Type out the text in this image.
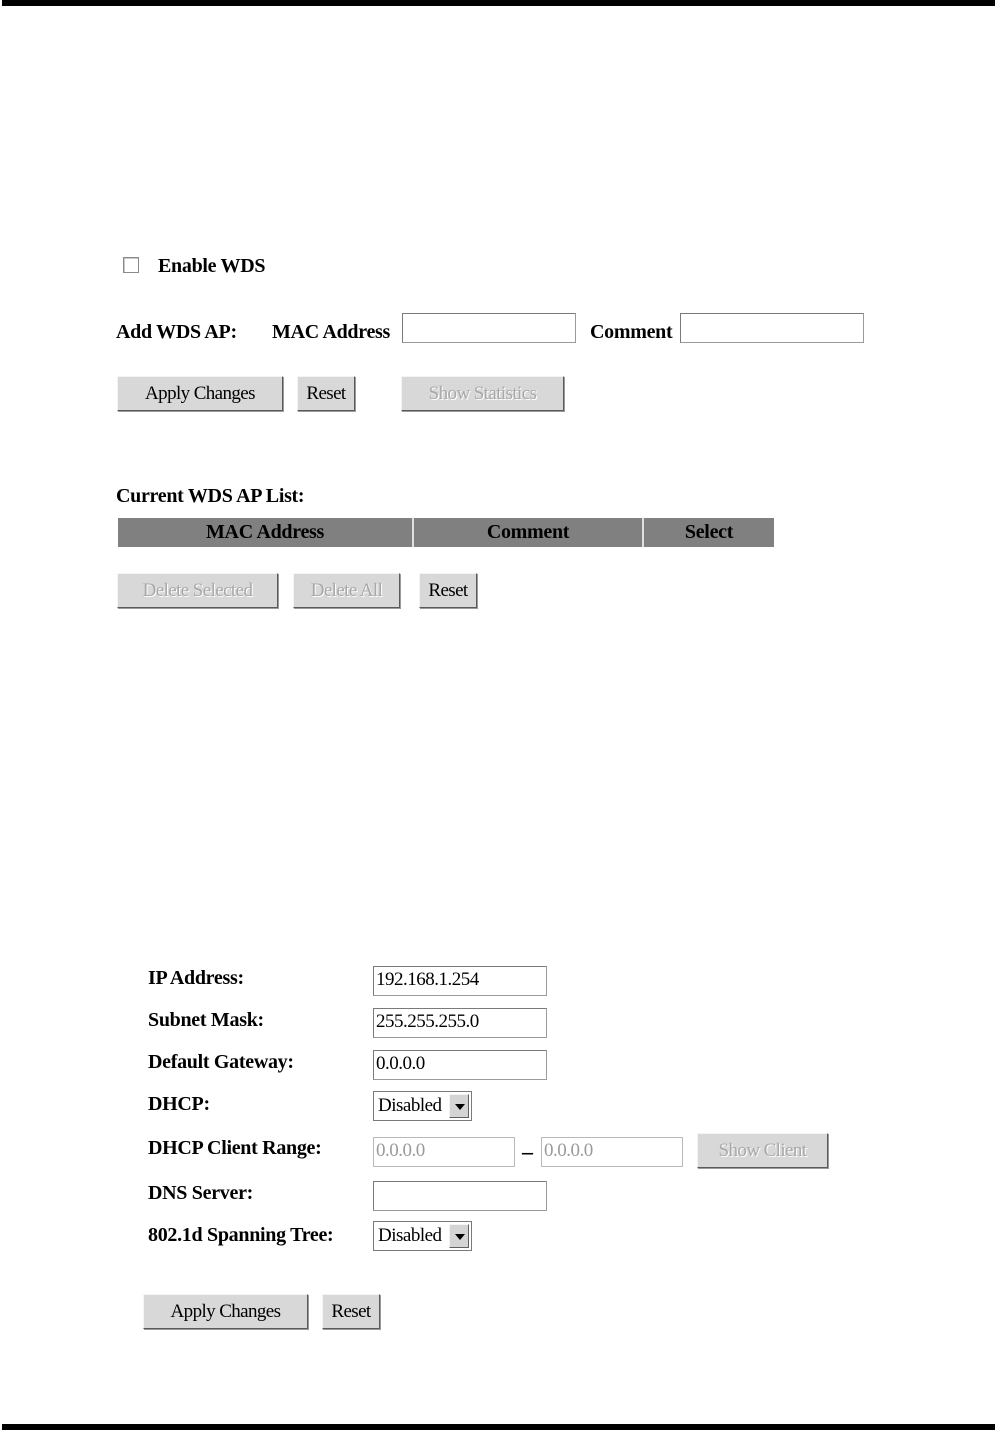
Enable WDS
Add WDS AP: MAC Address	Comment
Apply Changes	Reset	Show Statistics
Current WDS AP List:
MAC Address	Comment	Select
Delete Selected	Delete All	Reset
IP Address:	192.168.1.254
Subnet Mask:	255.255.255.0
Default Gateway:	0.0.0.0
DHCP:	Disabled
DHCP Client Range:	0.0.0.0	– 0.0.0.0	Show Client
DNS Server:
802.1d Spanning Tree: Disabled
Apply Changes	Reset
